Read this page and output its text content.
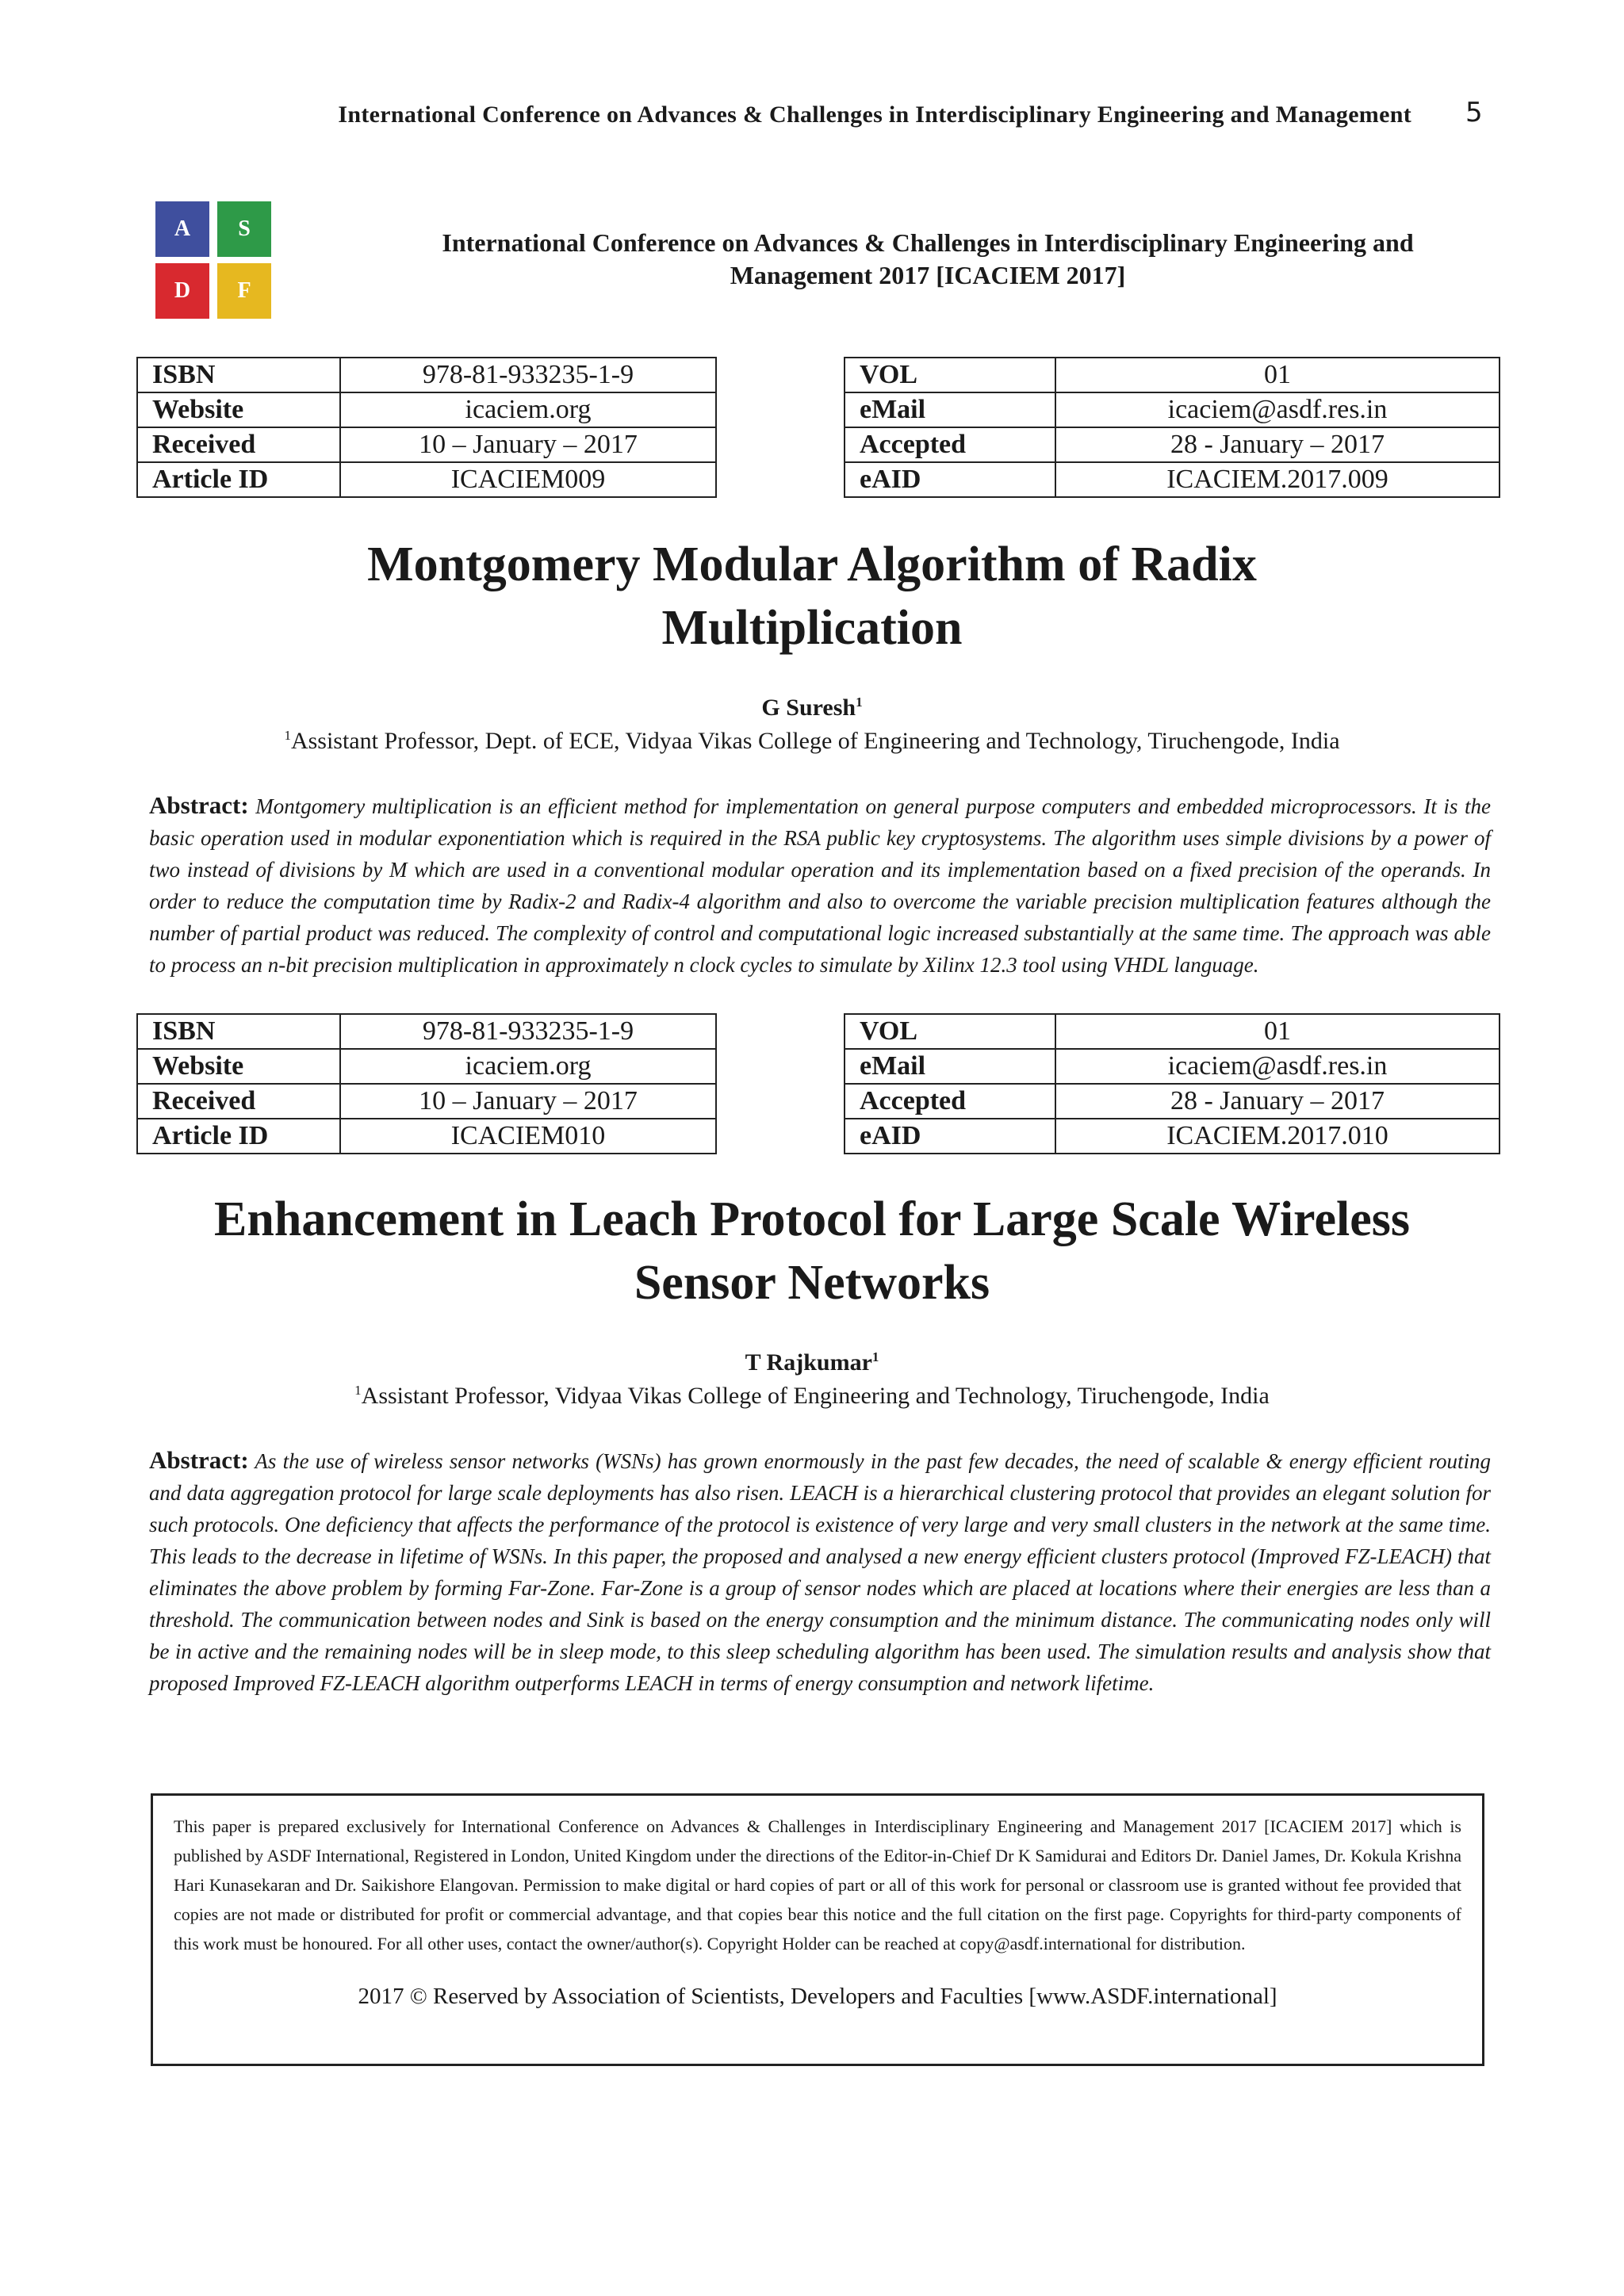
International Conference on Advances & Challenges in Interdisciplinary Engineering and Management 5
A	S
D	F
International Conference on Advances & Challenges in Interdisciplinary Engineering and
Management 2017 [ICACIEM 2017]
ISBN	978-81-933235-1-9
Website	icaciem.org
Received	10 – January – 2017
Article ID	ICACIEM009
VOL	01
eMail	icaciem@asdf.res.in
Accepted	28 - January – 2017
eAID	ICACIEM.2017.009
Montgomery Modular Algorithm of Radix
Multiplication
G Suresh$^1$
$^1$Assistant Professor, Dept. of ECE, Vidyaa Vikas College of Engineering and Technology, Tiruchengode, India
Abstract: Montgomery multiplication is an efficient method for implementation on general purpose computers and embedded microprocessors. It is the basic operation used in modular exponentiation which is required in the RSA public key cryptosystems. The algorithm uses simple divisions by a power of two instead of divisions by M which are used in a conventional modular operation and its implementation based on a fixed precision of the operands. In order to reduce the computation time by Radix-2 and Radix-4 algorithm and also to overcome the variable precision multiplication features although the number of partial product was reduced. The complexity of control and computational logic increased substantially at the same time. The approach was able to process an n-bit precision multiplication in approximately n clock cycles to simulate by Xilinx 12.3 tool using VHDL language.
ISBN	978-81-933235-1-9
Website	icaciem.org
Received	10 – January – 2017
Article ID	ICACIEM010
VOL	01
eMail	icaciem@asdf.res.in
Accepted	28 - January – 2017
eAID	ICACIEM.2017.010
Enhancement in Leach Protocol for Large Scale Wireless
Sensor Networks
T Rajkumar$^1$
$^1$Assistant Professor, Vidyaa Vikas College of Engineering and Technology, Tiruchengode, India
Abstract: As the use of wireless sensor networks (WSNs) has grown enormously in the past few decades, the need of scalable & energy efficient routing and data aggregation protocol for large scale deployments has also risen. LEACH is a hierarchical clustering protocol that provides an elegant solution for such protocols. One deficiency that affects the performance of the protocol is existence of very large and very small clusters in the network at the same time. This leads to the decrease in lifetime of WSNs. In this paper, the proposed and analysed a new energy efficient clusters protocol (Improved FZ-LEACH) that eliminates the above problem by forming Far-Zone. Far-Zone is a group of sensor nodes which are placed at locations where their energies are less than a threshold. The communication between nodes and Sink is based on the energy consumption and the minimum distance. The communicating nodes only will be in active and the remaining nodes will be in sleep mode, to this sleep scheduling algorithm has been used. The simulation results and analysis show that proposed Improved FZ-LEACH algorithm outperforms LEACH in terms of energy consumption and network lifetime.
This paper is prepared exclusively for International Conference on Advances & Challenges in Interdisciplinary Engineering and Management 2017 [ICACIEM 2017] which is published by ASDF International, Registered in London, United Kingdom under the directions of the Editor-in-Chief Dr K Samidurai and Editors Dr. Daniel James, Dr. Kokula Krishna Hari Kunasekaran and Dr. Saikishore Elangovan. Permission to make digital or hard copies of part or all of this work for personal or classroom use is granted without fee provided that copies are not made or distributed for profit or commercial advantage, and that copies bear this notice and the full citation on the first page. Copyrights for third-party components of this work must be honoured. For all other uses, contact the owner/author(s). Copyright Holder can be reached at copy@asdf.international for distribution.
2017 © Reserved by Association of Scientists, Developers and Faculties [www.ASDF.international]
